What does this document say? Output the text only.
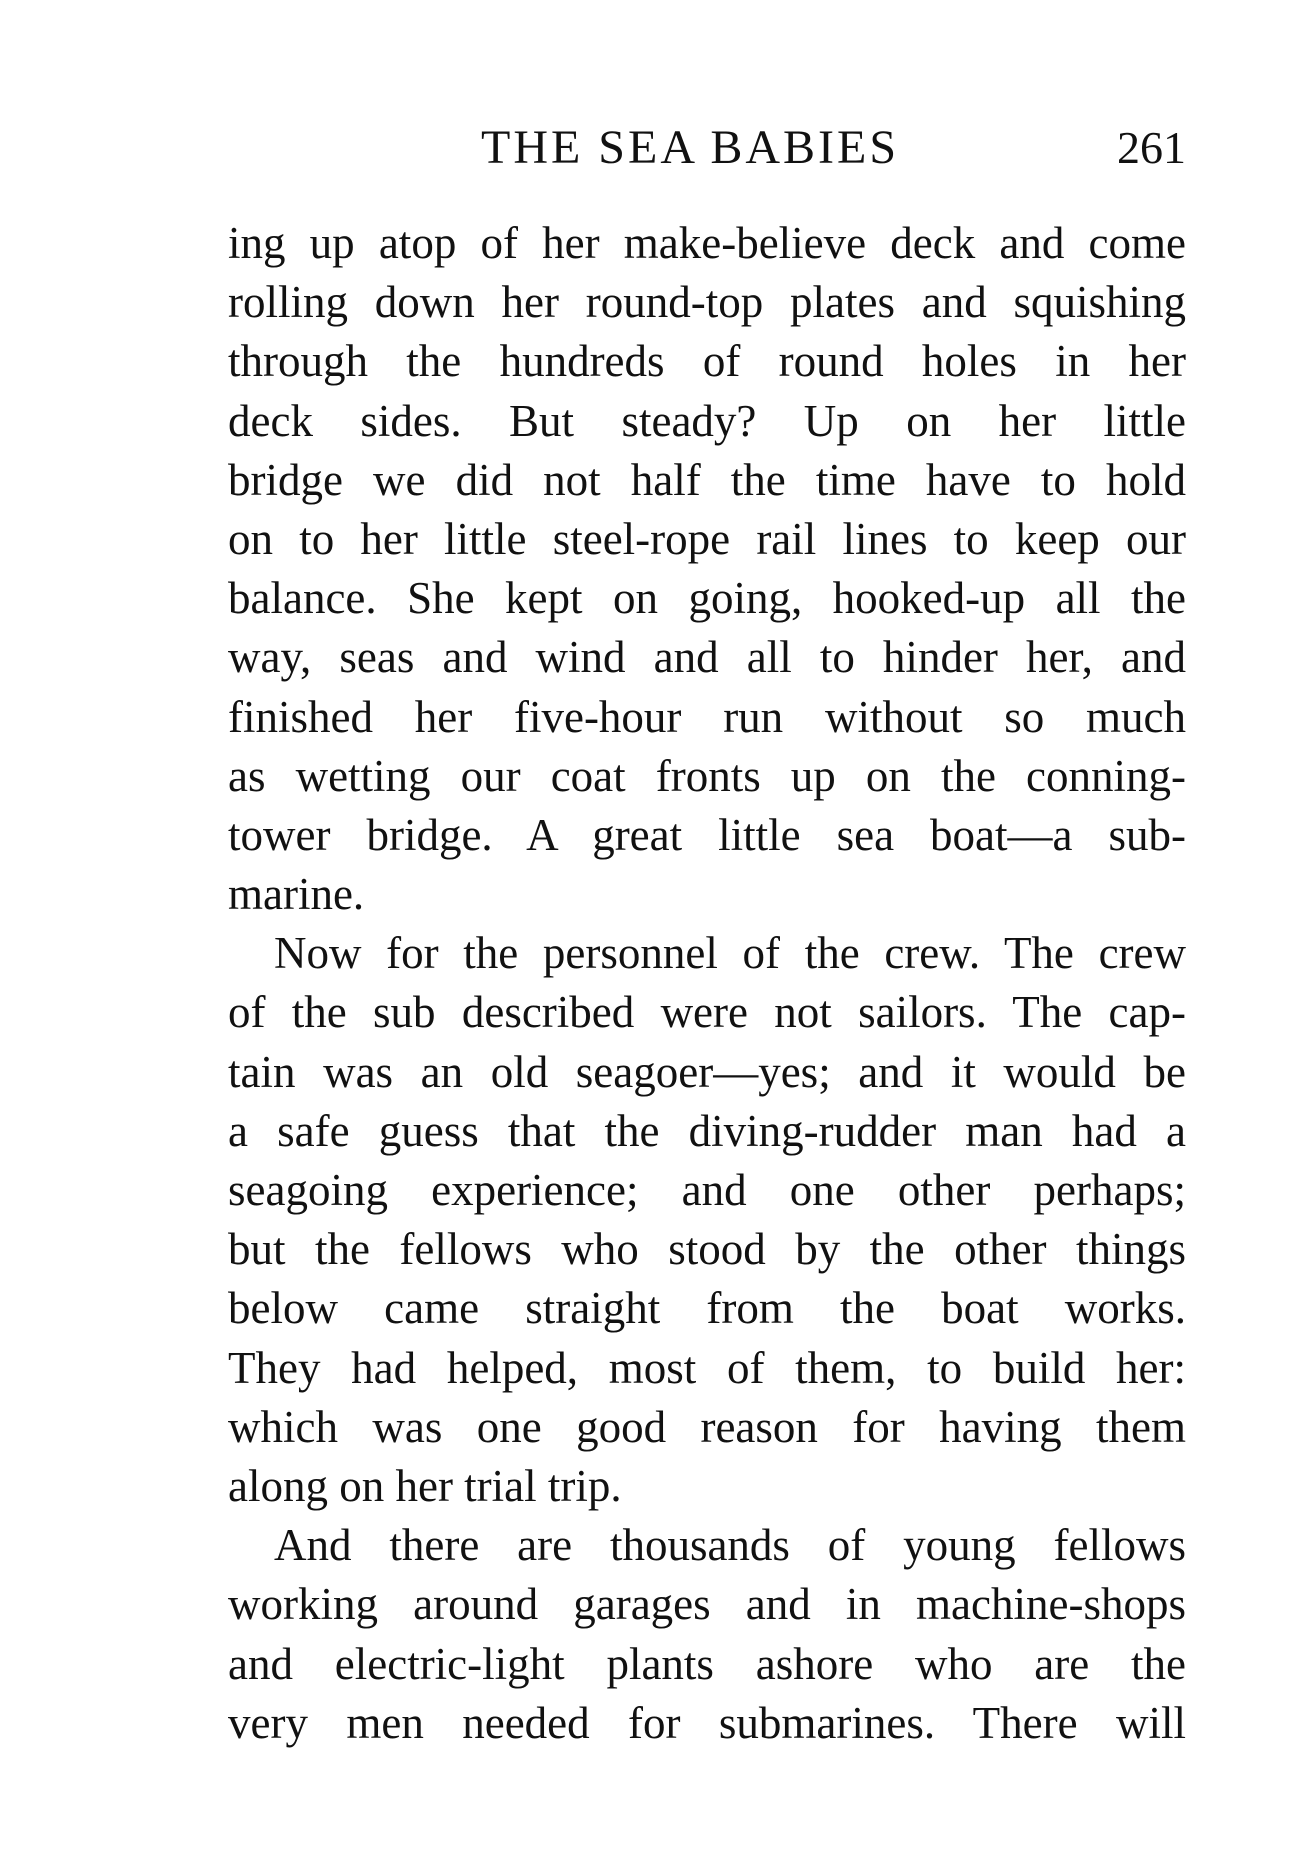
THE SEA BABIES	261
ing up atop of her make-believe deck and come
rolling down her round-top plates and squishing
through the hundreds of round holes in her
deck sides. But steady? Up on her little
bridge we did not half the time have to hold
on to her little steel-rope rail lines to keep our
balance. She kept on going, hooked-up all the
way, seas and wind and all to hinder her, and
finished her five-hour run without so much
as wetting our coat fronts up on the conning-
tower bridge. A great little sea boat—a sub-
marine.
Now for the personnel of the crew. The crew
of the sub described were not sailors. The cap-
tain was an old seagoer—yes; and it would be
a safe guess that the diving-rudder man had a
seagoing experience; and one other perhaps;
but the fellows who stood by the other things
below came straight from the boat works.
They had helped, most of them, to build her:
which was one good reason for having them
along on her trial trip.
And there are thousands of young fellows
working around garages and in machine-shops
and electric-light plants ashore who are the
very men needed for submarines. There will
